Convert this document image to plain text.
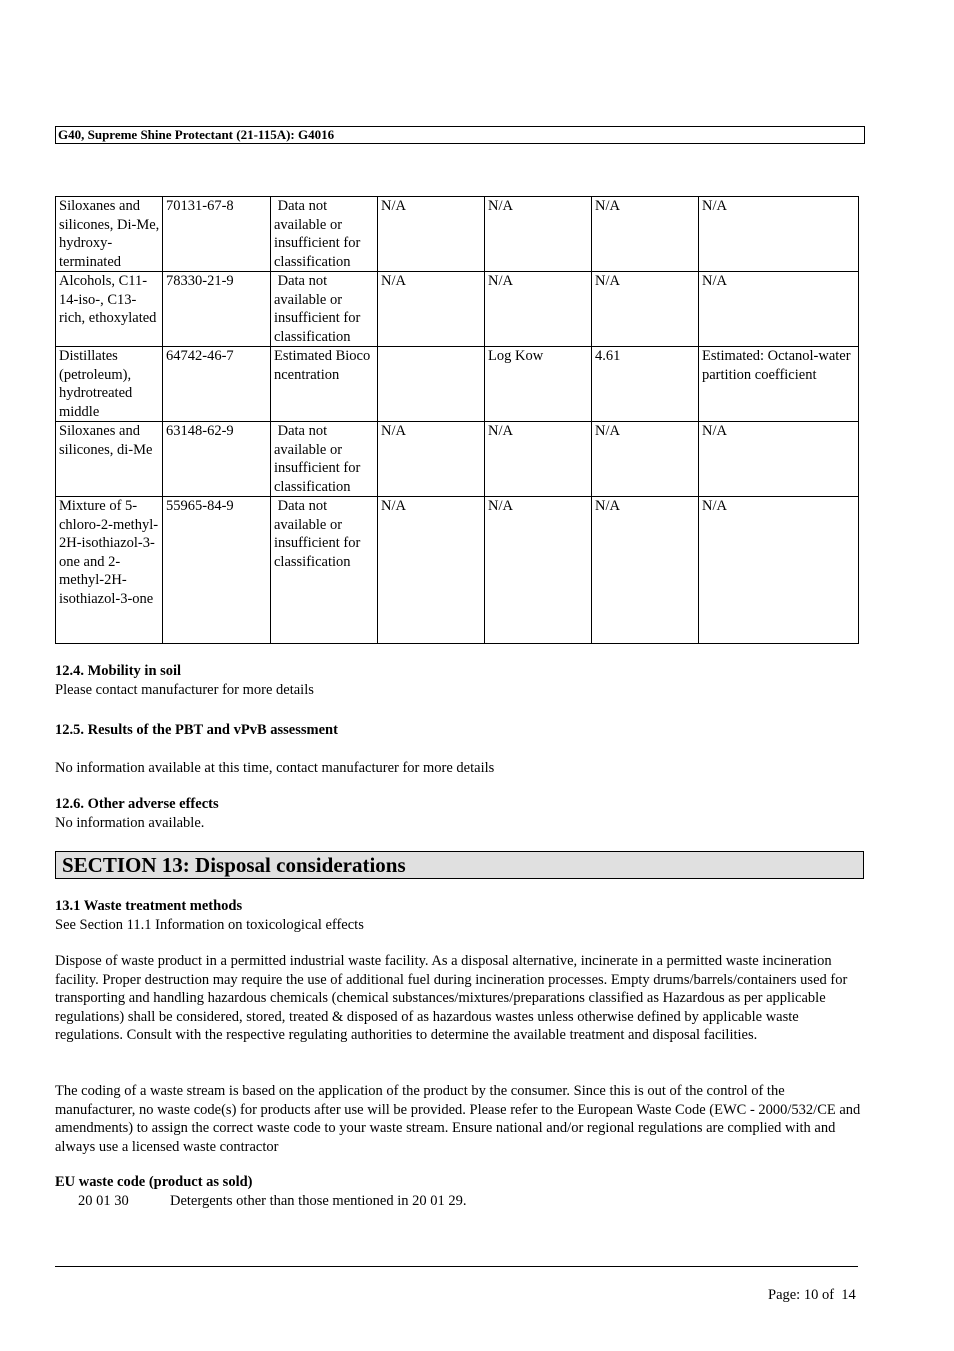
G40, Supreme Shine Protectant (21-115A): G4016
Siloxanes and silicones, Di-Me, hydroxy-terminated	70131-67-8	Data not available or insufficient for classification	N/A	N/A	N/A	N/A
Alcohols, C11-14-iso-, C13-rich, ethoxylated	78330-21-9	Data not available or insufficient for classification	N/A	N/A	N/A	N/A
Distillates (petroleum), hydrotreated middle	64742-46-7	Estimated Bioconcentration		Log Kow	4.61	Estimated: Octanol-water partition coefficient
Siloxanes and silicones, di-Me	63148-62-9	Data not available or insufficient for classification	N/A	N/A	N/A	N/A
Mixture of 5-chloro-2-methyl-2H-isothiazol-3-one and 2-methyl-2H-isothiazol-3-one	55965-84-9	Data not available or insufficient for classification	N/A	N/A	N/A	N/A
12.4. Mobility in soil
Please contact manufacturer for more details
12.5. Results of the PBT and vPvB assessment
No information available at this time, contact manufacturer for more details
12.6. Other adverse effects
No information available.
SECTION 13: Disposal considerations
13.1 Waste treatment methods
See Section 11.1 Information on toxicological effects
Dispose of waste product in a permitted industrial waste facility. As a disposal alternative, incinerate in a permitted waste incineration facility. Proper destruction may require the use of additional fuel during incineration processes. Empty drums/barrels/containers used for transporting and handling hazardous chemicals (chemical substances/mixtures/preparations classified as Hazardous as per applicable regulations) shall be considered, stored, treated & disposed of as hazardous wastes unless otherwise defined by applicable waste regulations. Consult with the respective regulating authorities to determine the available treatment and disposal facilities.
The coding of a waste stream is based on the application of the product by the consumer. Since this is out of the control of the manufacturer, no waste code(s) for products after use will be provided. Please refer to the European Waste Code (EWC - 2000/532/CE and amendments) to assign the correct waste code to your waste stream. Ensure national and/or regional regulations are complied with and always use a licensed waste contractor
EU waste code (product as sold)
20 01 30	Detergents other than those mentioned in 20 01 29.
Page: 10 of  14
